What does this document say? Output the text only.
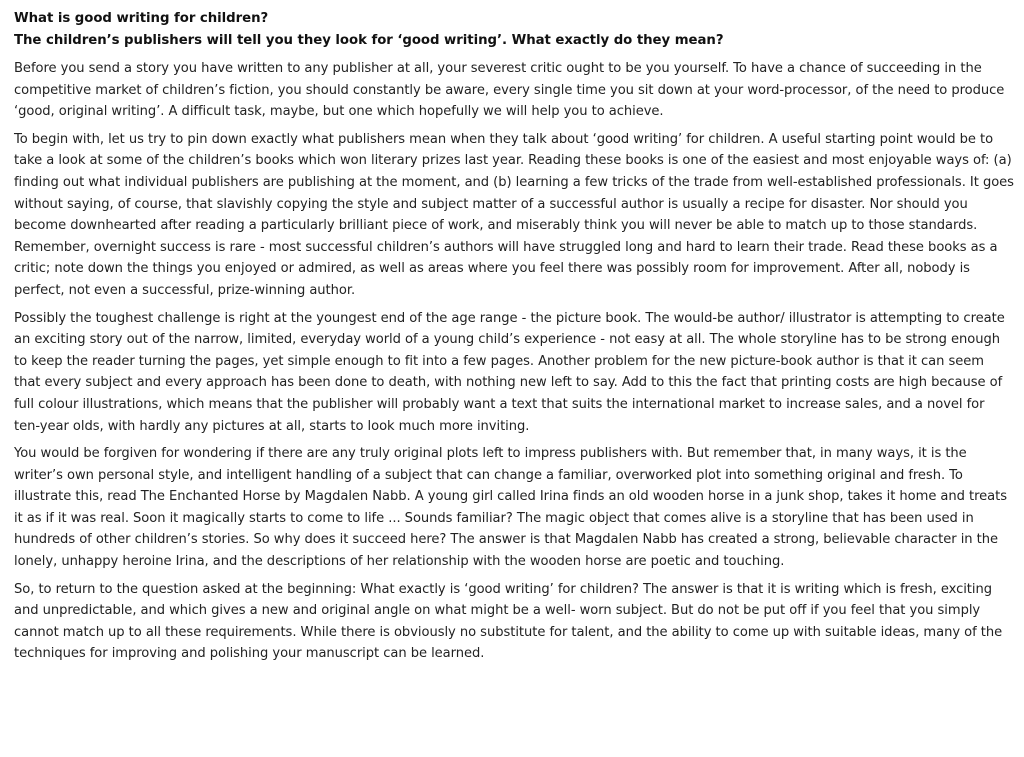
What is good writing for children?
The children’s publishers will tell you they look for ‘good writing’. What exactly do they mean?

Before you send a story you have written to any publisher at all, your severest critic ought to be you yourself. To have a chance of succeeding in the competitive market of children’s fiction, you should constantly be aware, every single time you sit down at your word-processor, of the need to produce ‘good, original writing’. A difficult task, maybe, but one which hopefully we will help you to achieve.

To begin with, let us try to pin down exactly what publishers mean when they talk about ‘good writing’ for children. A useful starting point would be to take a look at some of the children’s books which won literary prizes last year. Reading these books is one of the easiest and most enjoyable ways of: (a) finding out what individual publishers are publishing at the moment, and (b) learning a few tricks of the trade from well-established professionals. It goes without saying, of course, that slavishly copying the style and subject matter of a successful author is usually a recipe for disaster. Nor should you become downhearted after reading a particularly brilliant piece of work, and miserably think you will never be able to match up to those standards. Remember, overnight success is rare - most successful children’s authors will have struggled long and hard to learn their trade. Read these books as a critic; note down the things you enjoyed or admired, as well as areas where you feel there was possibly room for improvement. After all, nobody is perfect, not even a successful, prize-winning author.

Possibly the toughest challenge is right at the youngest end of the age range - the picture book. The would-be author/ illustrator is attempting to create an exciting story out of the narrow, limited, everyday world of a young child’s experience - not easy at all. The whole storyline has to be strong enough to keep the reader turning the pages, yet simple enough to fit into a few pages. Another problem for the new picture-book author is that it can seem that every subject and every approach has been done to death, with nothing new left to say. Add to this the fact that printing costs are high because of full colour illustrations, which means that the publisher will probably want a text that suits the international market to increase sales, and a novel for ten-year olds, with hardly any pictures at all, starts to look much more inviting.

You would be forgiven for wondering if there are any truly original plots left to impress publishers with. But remember that, in many ways, it is the writer’s own personal style, and intelligent handling of a subject that can change a familiar, overworked plot into something original and fresh. To illustrate this, read The Enchanted Horse by Magdalen Nabb. A young girl called Irina finds an old wooden horse in a junk shop, takes it home and treats it as if it was real. Soon it magically starts to come to life ... Sounds familiar? The magic object that comes alive is a storyline that has been used in hundreds of other children’s stories. So why does it succeed here? The answer is that Magdalen Nabb has created a strong, believable character in the lonely, unhappy heroine Irina, and the descriptions of her relationship with the wooden horse are poetic and touching.

So, to return to the question asked at the beginning: What exactly is ‘good writing’ for children? The answer is that it is writing which is fresh, exciting and unpredictable, and which gives a new and original angle on what might be a well- worn subject. But do not be put off if you feel that you simply cannot match up to all these requirements. While there is obviously no substitute for talent, and the ability to come up with suitable ideas, many of the techniques for improving and polishing your manuscript can be learned.
